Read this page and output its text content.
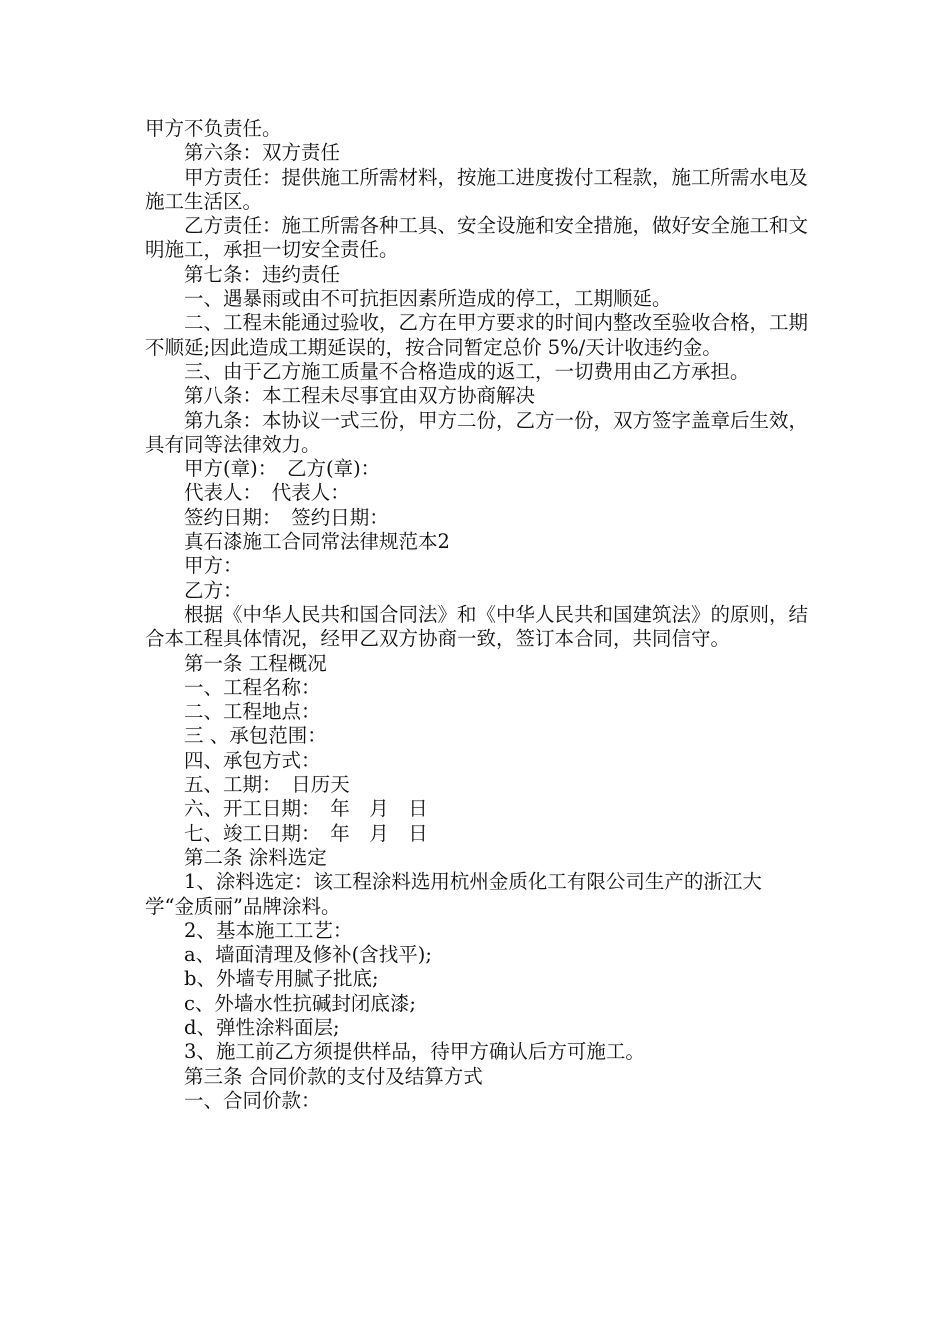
甲方不负责任。

第六条：双方责任

甲方责任：提供施工所需材料，按施工进度拨付工程款，施工所需水电及施工生活区。

乙方责任：施工所需各种工具、安全设施和安全措施，做好安全施工和文明施工，承担一切安全责任。

第七条：违约责任

一、遇暴雨或由不可抗拒因素所造成的停工，工期顺延。

二、工程未能通过验收，乙方在甲方要求的时间内整改至验收合格，工期不顺延;因此造成工期延误的，按合同暂定总价 5%/天计收违约金。

三、由于乙方施工质量不合格造成的返工，一切费用由乙方承担。

第八条：本工程未尽事宜由双方协商解决

第九条：本协议一式三份，甲方二份，乙方一份，双方签字盖章后生效，具有同等法律效力。

甲方(章)：　乙方(章)：

代表人：　代表人：

签约日期：　签约日期：

真石漆施工合同常法律规范本2

甲方：

乙方：

根据《中华人民共和国合同法》和《中华人民共和国建筑法》的原则，结合本工程具体情况，经甲乙双方协商一致，签订本合同，共同信守。

第一条 工程概况

一、工程名称：

二、工程地点：

三 、承包范围：

四、承包方式：

五、工期：　日历天

六、开工日期：　年　月　日

七、竣工日期：　年　月　日

第二条 涂料选定

1、涂料选定：该工程涂料选用杭州金质化工有限公司生产的浙江大学“金质丽”品牌涂料。

2、基本施工工艺：

a、墙面清理及修补(含找平);

b、外墙专用腻子批底;

c、外墙水性抗碱封闭底漆;

d、弹性涂料面层;

3、施工前乙方须提供样品，待甲方确认后方可施工。

第三条 合同价款的支付及结算方式

一、合同价款：
